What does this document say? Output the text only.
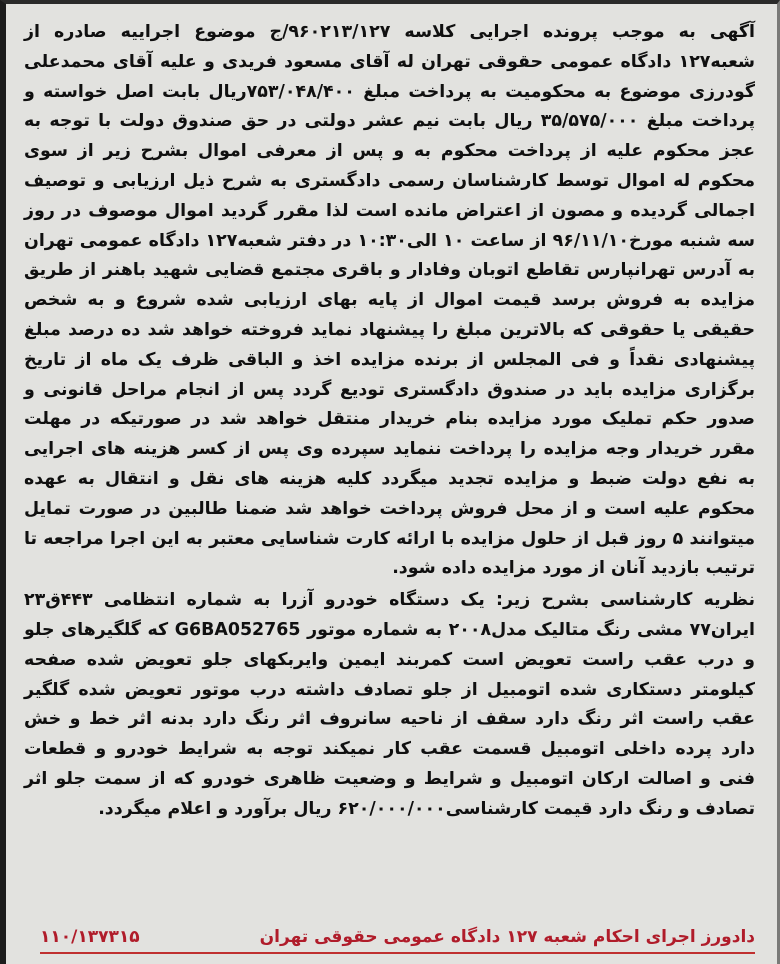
آگهی به موجب پرونده اجرایی کلاسه ۹۶۰۲۱۳/۱۲۷/ج موضوع اجراییه صادره از شعبه۱۲۷ دادگاه عمومی حقوقی تهران له آقای مسعود فریدی و علیه آقای محمدعلی گودرزی موضوع به محکومیت به پرداخت مبلغ ۷۵۳/۰۴۸/۴۰۰ریال بابت اصل خواسته و پرداخت مبلغ ۳۵/۵۷۵/۰۰۰ ریال بابت نیم عشر دولتی در حق صندوق دولت با توجه به عجز محکوم علیه از پرداخت محکوم به و پس از معرفی اموال بشرح زیر از سوی محکوم له اموال توسط کارشناسان رسمی دادگستری به شرح ذیل ارزیابی و توصیف اجمالی گردیده و مصون از اعتراض مانده است لذا مقرر گردید اموال موصوف در روز سه شنبه مورخ۹۶/۱۱/۱۰ از ساعت ۱۰ الی۱۰:۳۰ در دفتر شعبه۱۲۷ دادگاه عمومی تهران به آدرس تهرانپارس تقاطع اتوبان وفادار و باقری مجتمع قضایی شهید باهنر از طریق مزایده به فروش برسد قیمت اموال از پایه بهای ارزیابی شده شروع و به شخص حقیقی یا حقوقی که بالاترین مبلغ را پیشنهاد نماید فروخته خواهد شد ده درصد مبلغ پیشنهادی نقداً و فی المجلس از برنده مزایده اخذ و الباقی ظرف یک ماه از تاریخ برگزاری مزایده باید در صندوق دادگستری تودیع گردد پس از انجام مراحل قانونی و صدور حکم تملیک مورد مزایده بنام خریدار منتقل خواهد شد در صورتیکه در مهلت مقرر خریدار وجه مزایده را پرداخت ننماید سپرده وی پس از کسر هزینه های اجرایی به نفع دولت ضبط و مزایده تجدید میگردد کلیه هزینه های نقل و انتقال به عهده محکوم علیه است و از محل فروش پرداخت خواهد شد ضمنا طالبین در صورت تمایل میتوانند ۵ روز قبل از حلول مزایده با ارائه کارت شناسایی معتبر به این اجرا مراجعه تا ترتیب بازدید آنان از مورد مزایده داده شود.

نظریه کارشناسی بشرح زیر: یک دستگاه خودرو آزرا به شماره انتظامی ۴۴۳ق۲۳ ایران۷۷ مشی رنگ متالیک مدل۲۰۰۸ به شماره موتور G6BA052765 که گلگیرهای جلو و درب عقب راست تعویض است کمربند ایمین وایربکهای جلو تعویض شده صفحه کیلومتر دستکاری شده اتومبیل از جلو تصادف داشته درب موتور تعویض شده گلگیر عقب راست اثر رنگ دارد سقف از ناحیه سانروف اثر رنگ دارد بدنه اثر خط و خش دارد پرده داخلی اتومبیل قسمت عقب کار نمیکند توجه به شرایط خودرو و قطعات فنی و اصالت ارکان اتومبیل و شرایط و وضعیت ظاهری خودرو که از سمت جلو اثر تصادف و رنگ دارد قیمت کارشناسی۶۲۰/۰۰۰/۰۰۰ ریال برآورد و اعلام میگردد.

دادورز اجرای احکام شعبه ۱۲۷ دادگاه عمومی حقوقی تهران
۱۱۰/۱۳۷۳۱۵
